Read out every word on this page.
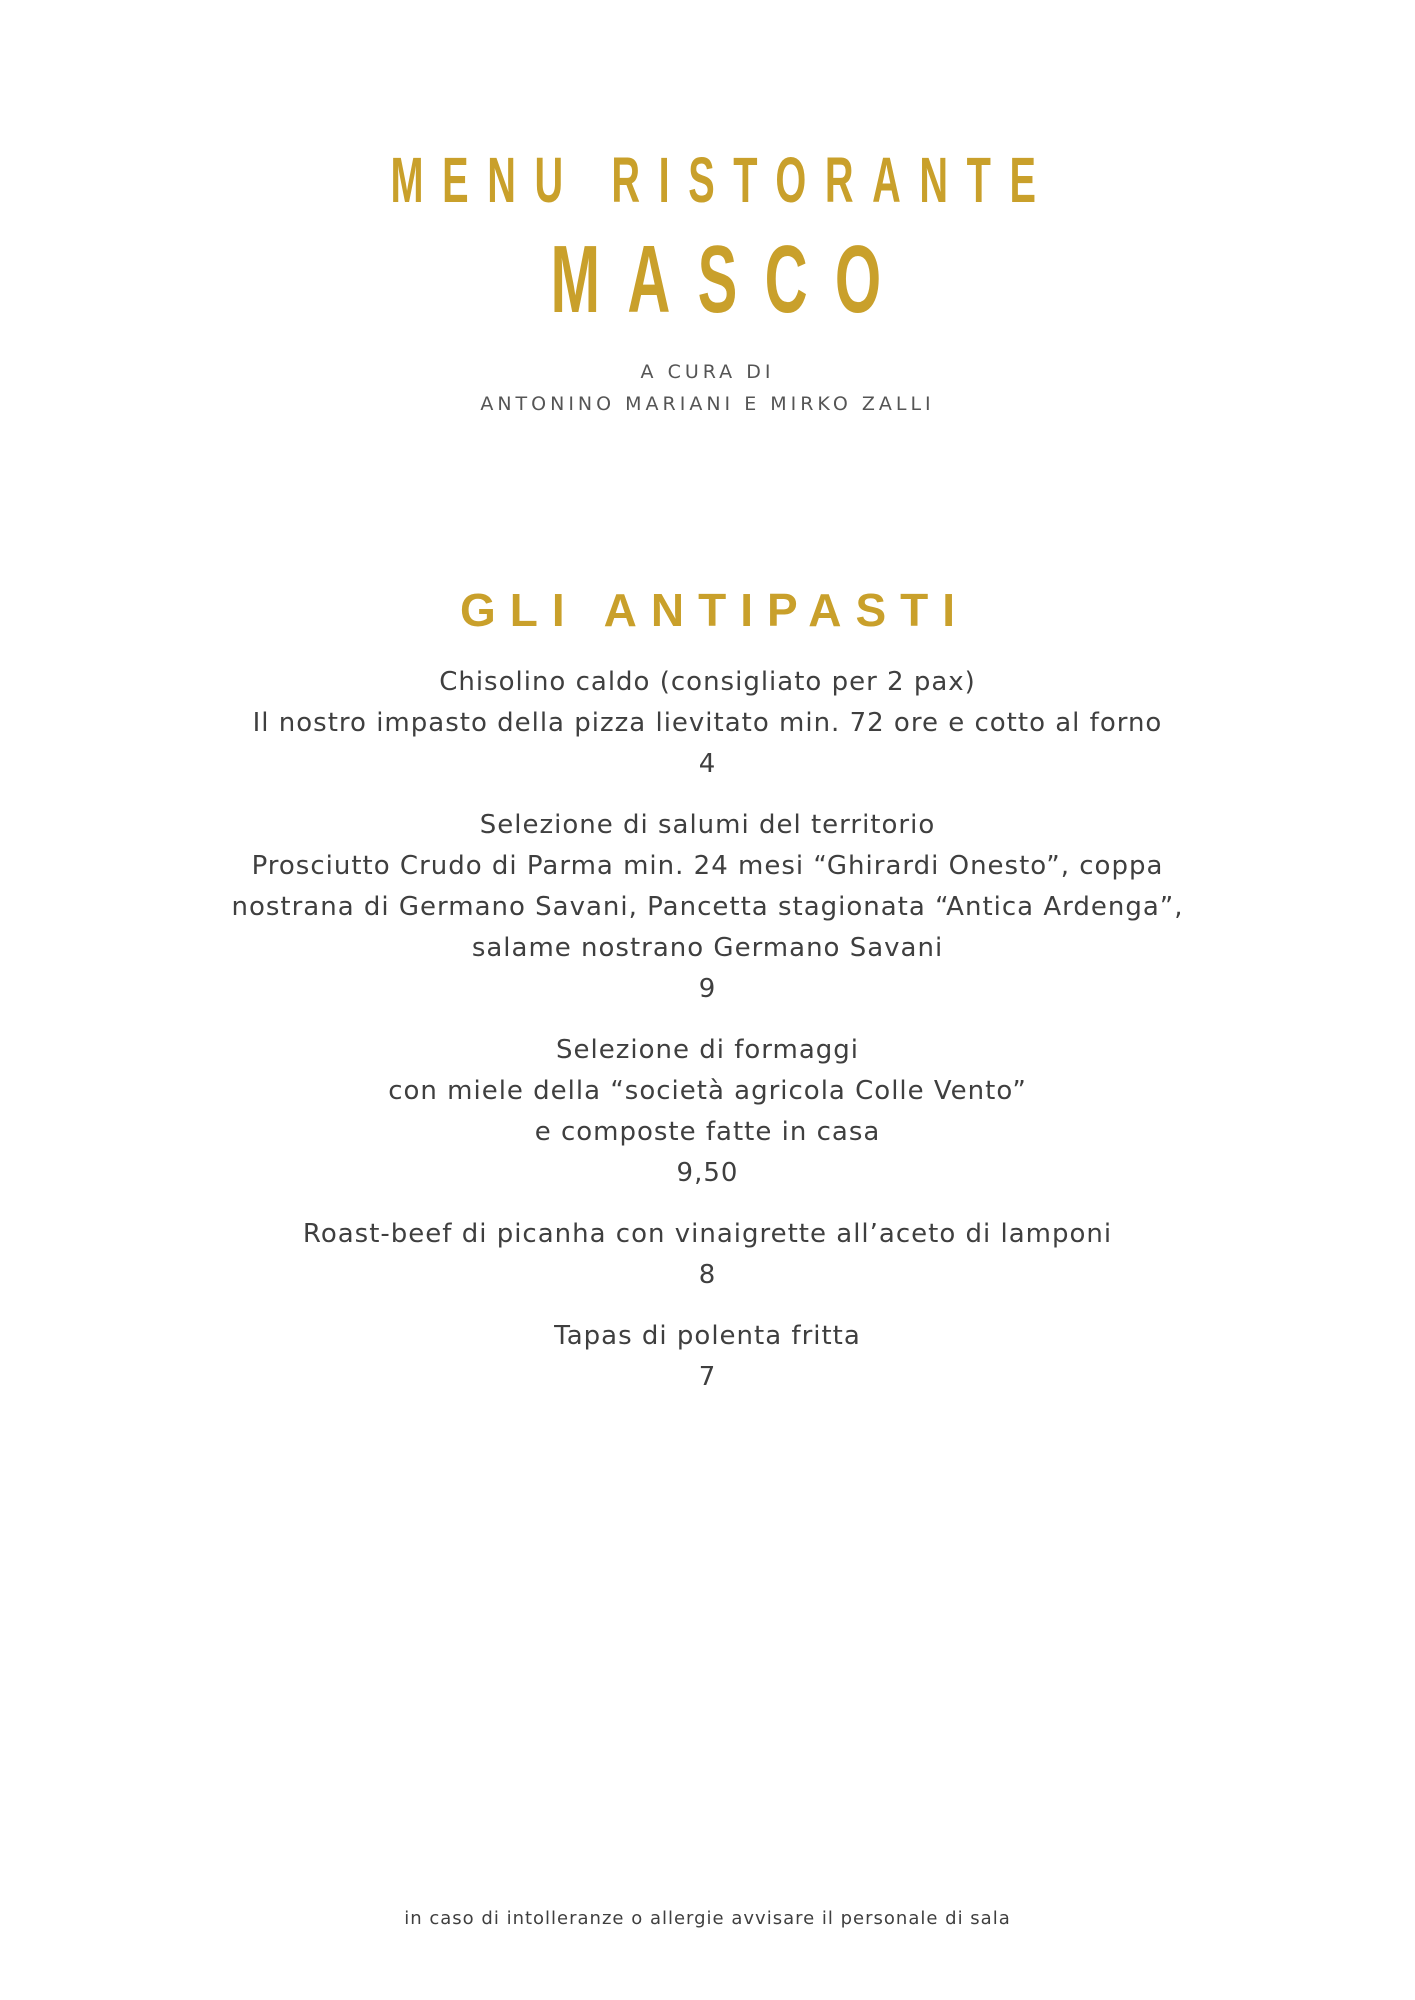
MENU RISTORANTE
MASCO
A CURA DI
ANTONINO MARIANI E MIRKO ZALLI
GLI ANTIPASTI
Chisolino caldo (consigliato per 2 pax)
Il nostro impasto della pizza lievitato min. 72 ore e cotto al forno
4
Selezione di salumi del territorio
Prosciutto Crudo di Parma min. 24 mesi “Ghirardi Onesto”, coppa
nostrana di Germano Savani, Pancetta stagionata “Antica Ardenga”,
salame nostrano Germano Savani
9
Selezione di formaggi
con miele della “società agricola Colle Vento”
e composte fatte in casa
9,50
Roast-beef di picanha con vinaigrette all’aceto di lamponi
8
Tapas di polenta fritta
7
in caso di intolleranze o allergie avvisare il personale di sala
